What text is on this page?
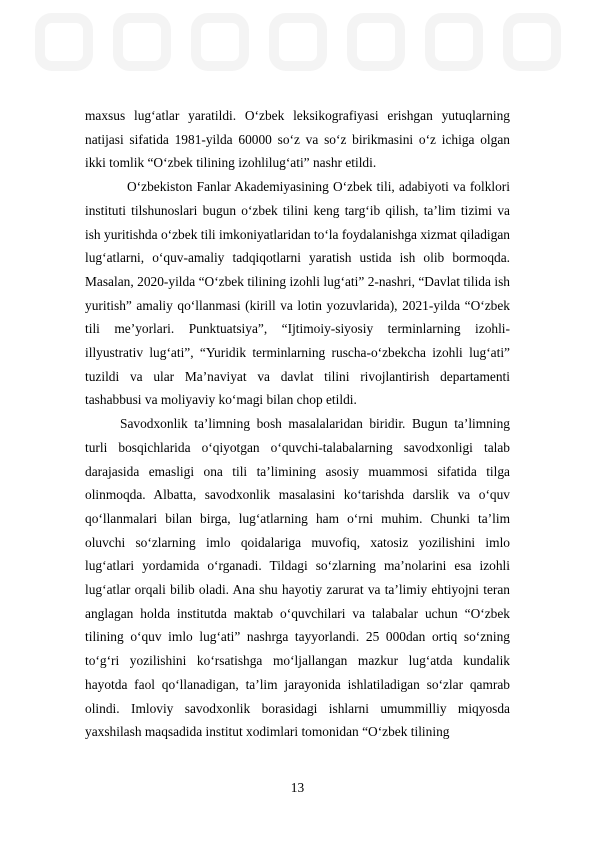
maxsus lug‘atlar yaratildi. O‘zbek leksikografiyasi erishgan yutuqlarning natijasi sifatida 1981-yilda 60000 so‘z va so‘z birikmasini o‘z ichiga olgan ikki tomlik “O‘zbek tilining izohlilug‘ati” nashr etildi.

O‘zbekiston Fanlar Akademiyasining O‘zbek tili, adabiyoti va folklori instituti tilshunoslari bugun o‘zbek tilini keng targ‘ib qilish, ta’lim tizimi va ish yuritishda o‘zbek tili imkoniyatlaridan to‘la foydalanishga xizmat qiladigan lug‘atlarni, o‘quv-amaliy tadqiqotlarni yaratish ustida ish olib bormoqda. Masalan, 2020-yilda “O‘zbek tilining izohli lug‘ati” 2-nashri, “Davlat tilida ish yuritish” amaliy qo‘llanmasi (kirill va lotin yozuvlarida), 2021-yilda “O‘zbek tili me’yorlari. Punktuatsiya”, “Ijtimoiy-siyosiy terminlarning izohli-illyustrativ lug‘ati”, “Yuridik terminlarning ruscha-o‘zbekcha izohli lug‘ati” tuzildi va ular Ma’naviyat va davlat tilini rivojlantirish departamenti tashabbusi va moliyaviy ko‘magi bilan chop etildi.

Savodxonlik ta’limning bosh masalalaridan biridir. Bugun ta’limning turli bosqichlarida o‘qiyotgan o‘quvchi-talabalarning savodxonligi talab darajasida emasligi ona tili ta’limining asosiy muammosi sifatida tilga olinmoqda. Albatta, savodxonlik masalasini ko‘tarishda darslik va o‘quv qo‘llanmalari bilan birga, lug‘atlarning ham o‘rni muhim. Chunki ta’lim oluvchi so‘zlarning imlo qoidalariga muvofiq, xatosiz yozilishini imlo lug‘atlari yordamida o‘rganadi. Tildagi so‘zlarning ma’nolarini esa izohli lug‘atlar orqali bilib oladi. Ana shu hayotiy zarurat va ta’limiy ehtiyojni teran anglagan holda institutda maktab o‘quvchilari va talabalar uchun “O‘zbek tilining o‘quv imlo lug‘ati” nashrga tayyorlandi. 25 000dan ortiq so‘zning to‘g‘ri yozilishini ko‘rsatishga mo‘ljallangan mazkur lug‘atda kundalik hayotda faol qo‘llanadigan, ta’lim jarayonida ishlatiladigan so‘zlar qamrab olindi. Imloviy savodxonlik borasidagi ishlarni umummilliy miqyosda yaxshilash maqsadida institut xodimlari tomonidan “O‘zbek tilining

13
